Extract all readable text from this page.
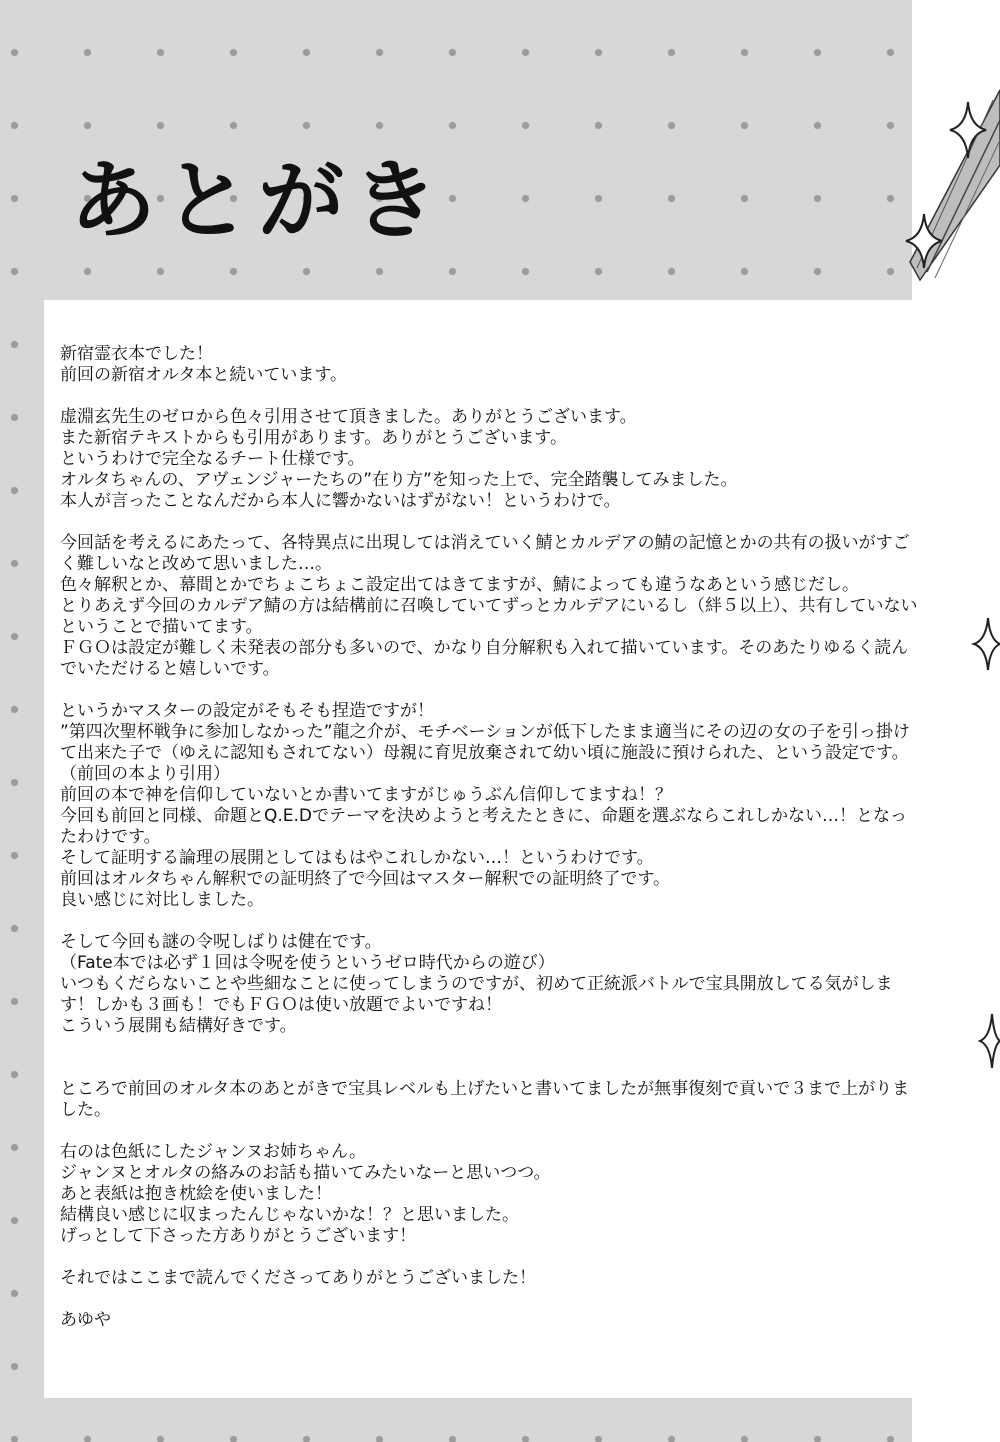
あとがき

新宿霊衣本でした！
前回の新宿オルタ本と続いています。

虚淵玄先生のゼロから色々引用させて頂きました。ありがとうございます。
また新宿テキストからも引用があります。ありがとうございます。
というわけで完全なるチート仕様です。
オルタちゃんの、アヴェンジャーたちの”在り方”を知った上で、完全踏襲してみました。
本人が言ったことなんだから本人に響かないはずがない！というわけで。

今回話を考えるにあたって、各特異点に出現しては消えていく鯖とカルデアの鯖の記憶とかの共有の扱いがすごく難しいなと改めて思いました…。
色々解釈とか、幕間とかでちょこちょこ設定出てはきてますが、鯖によっても違うなあという感じだし。
とりあえず今回のカルデア鯖の方は結構前に召喚していてずっとカルデアにいるし（絆５以上）、共有していないということで描いてます。
ＦＧＯは設定が難しく未発表の部分も多いので、かなり自分解釈も入れて描いています。そのあたりゆるく読んでいただけると嬉しいです。

というかマスターの設定がそもそも捏造ですが！
”第四次聖杯戦争に参加しなかった”龍之介が、モチベーションが低下したまま適当にその辺の女の子を引っ掛けて出来た子で（ゆえに認知もされてない）母親に育児放棄されて幼い頃に施設に預けられた、という設定です。（前回の本より引用）
前回の本で神を信仰していないとか書いてますがじゅうぶん信仰してますね！？
今回も前回と同様、命題とQ.E.Dでテーマを決めようと考えたときに、命題を選ぶならこれしかない…！となったわけです。
そして証明する論理の展開としてはもはやこれしかない…！というわけです。
前回はオルタちゃん解釈での証明終了で今回はマスター解釈での証明終了です。
良い感じに対比しました。

そして今回も謎の令呪しばりは健在です。
（Fate本では必ず１回は令呪を使うというゼロ時代からの遊び）
いつもくだらないことや些細なことに使ってしまうのですが、初めて正統派バトルで宝具開放してる気がします！しかも３画も！でもＦＧＯは使い放題でよいですね！
こういう展開も結構好きです。

ところで前回のオルタ本のあとがきで宝具レベルも上げたいと書いてましたが無事復刻で貢いで３まで上がりました。

右のは色紙にしたジャンヌお姉ちゃん。
ジャンヌとオルタの絡みのお話も描いてみたいなーと思いつつ。
あと表紙は抱き枕絵を使いました！
結構良い感じに収まったんじゃないかな！？と思いました。
げっとして下さった方ありがとうございます！

それではここまで読んでくださってありがとうございました！

あゆや
